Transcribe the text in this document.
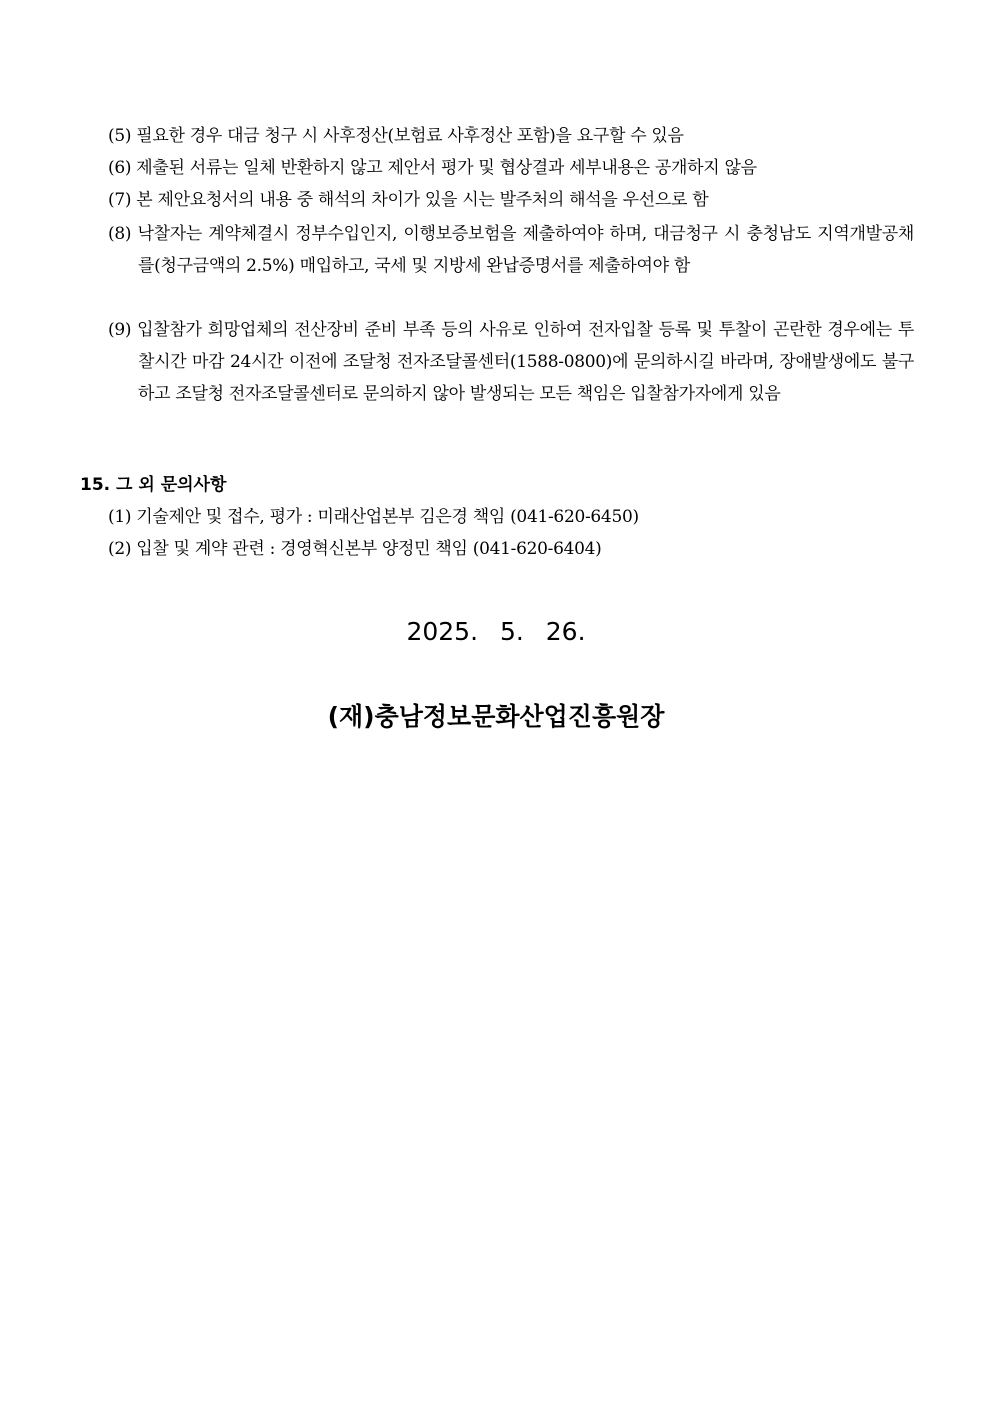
(5) 필요한 경우 대금 청구 시 사후정산(보험료 사후정산 포함)을 요구할 수 있음
(6) 제출된 서류는 일체 반환하지 않고 제안서 평가 및 협상결과 세부내용은 공개하지 않음
(7) 본 제안요청서의 내용 중 해석의 차이가 있을 시는 발주처의 해석을 우선으로 함
(8) 낙찰자는 계약체결시 정부수입인지, 이행보증보험을 제출하여야 하며, 대금청구 시 충청남도 지역개발공채를(청구금액의 2.5%) 매입하고, 국세 및 지방세 완납증명서를 제출하여야 함
(9) 입찰참가 희망업체의 전산장비 준비 부족 등의 사유로 인하여 전자입찰 등록 및 투찰이 곤란한 경우에는 투찰시간 마감 24시간 이전에 조달청 전자조달콜센터(1588-0800)에 문의하시길 바라며, 장애발생에도 불구하고 조달청 전자조달콜센터로 문의하지 않아 발생되는 모든 책임은 입찰참가자에게 있음
15. 그 외 문의사항
(1) 기술제안 및 접수, 평가 : 미래산업본부 김은경 책임 (041-620-6450)
(2) 입찰 및 계약 관련 : 경영혁신본부 양정민 책임 (041-620-6404)
2025. 5. 26.
(재)충남정보문화산업진흥원장
